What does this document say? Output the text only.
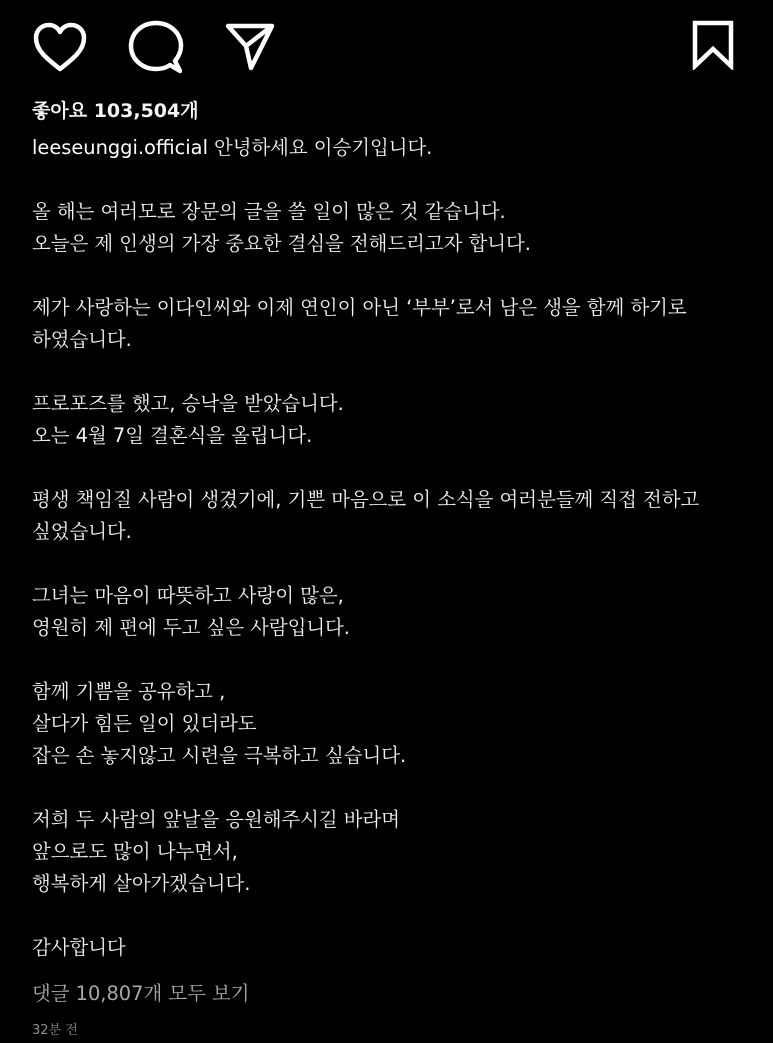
좋아요 103,504개
leeseunggi.official 안녕하세요 이승기입니다.
올 해는 여러모로 장문의 글을 쓸 일이 많은 것 같습니다.
오늘은 제 인생의 가장 중요한 결심을 전해드리고자 합니다.
제가 사랑하는 이다인씨와 이제 연인이 아닌 ‘부부’로서 남은 생을 함께 하기로
하였습니다.
프로포즈를 했고, 승낙을 받았습니다.
오는 4월 7일 결혼식을 올립니다.
평생 책임질 사람이 생겼기에, 기쁜 마음으로 이 소식을 여러분들께 직접 전하고
싶었습니다.
그녀는 마음이 따뜻하고 사랑이 많은,
영원히 제 편에 두고 싶은 사람입니다.
함께 기쁨을 공유하고 ,
살다가 힘든 일이 있더라도
잡은 손 놓지않고 시련을 극복하고 싶습니다.
저희 두 사람의 앞날을 응원해주시길 바라며
앞으로도 많이 나누면서,
행복하게 살아가겠습니다.
감사합니다
댓글 10,807개 모두 보기
32분 전
